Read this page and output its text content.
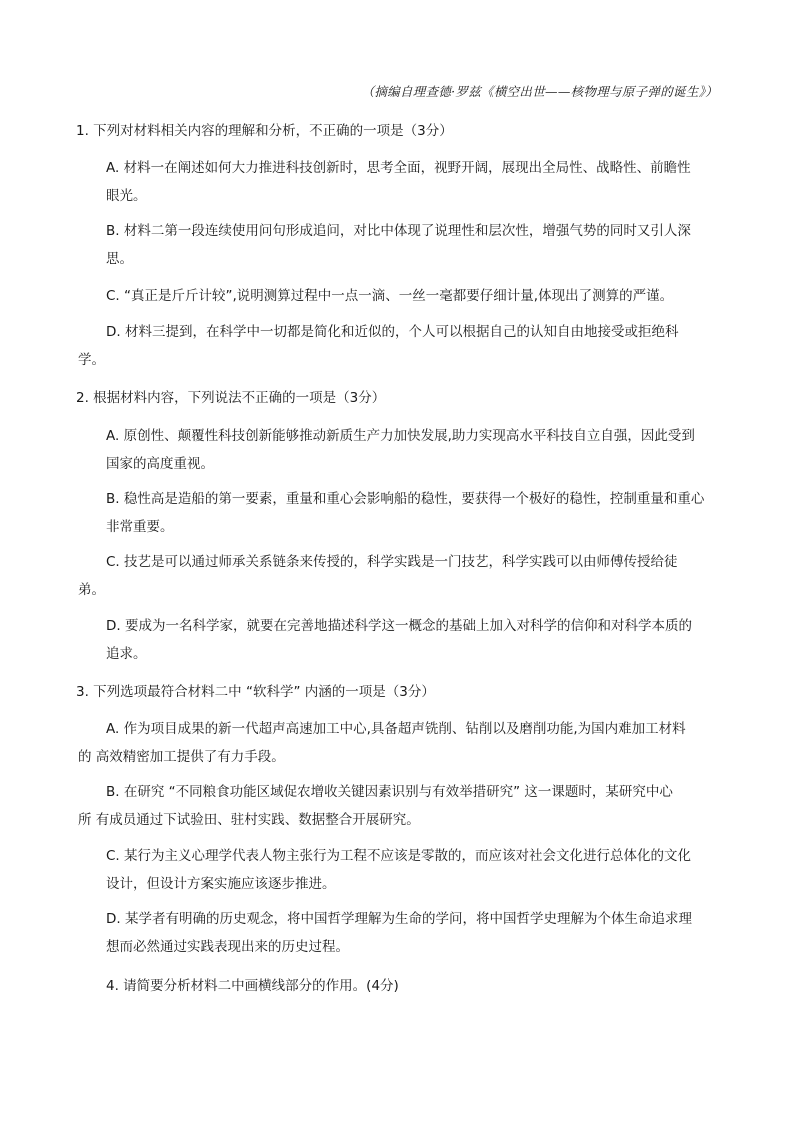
（摘编自理查德·罗兹《横空出世——核物理与原子弹的诞生》）
1. 下列对材料相关内容的理解和分析，不正确的一项是（3分）
A. 材料一在阐述如何大力推进科技创新时，思考全面，视野开阔，展现出全局性、战略性、前瞻性
眼光。
B. 材料二第一段连续使用问句形成追问，对比中体现了说理性和层次性，增强气势的同时又引人深
思。
C. “真正是斤斤计较”,说明测算过程中一点一滴、一丝一毫都要仔细计量,体现出了测算的严谨。
D. 材料三提到，在科学中一切都是简化和近似的，个人可以根据自己的认知自由地接受或拒绝科
学。
2. 根据材料内容，下列说法不正确的一项是（3分）
A. 原创性、颠覆性科技创新能够推动新质生产力加快发展,助力实现高水平科技自立自强，因此受到
国家的高度重视。
B. 稳性高是造船的第一要素，重量和重心会影响船的稳性，要获得一个极好的稳性，控制重量和重心
非常重要。
C. 技艺是可以通过师承关系链条来传授的，科学实践是一门技艺，科学实践可以由师傅传授给徒
弟。
D. 要成为一名科学家，就要在完善地描述科学这一概念的基础上加入对科学的信仰和对科学本质的
追求。
3. 下列选项最符合材料二中 “软科学” 内涵的一项是（3分）
A. 作为项目成果的新一代超声高速加工中心,具备超声铣削、钻削以及磨削功能,为国内难加工材料
的 高效精密加工提供了有力手段。
B. 在研究 “不同粮食功能区域促农增收关键因素识别与有效举措研究” 这一课题时，某研究中心
所 有成员通过下试验田、驻村实践、数据整合开展研究。
C. 某行为主义心理学代表人物主张行为工程不应该是零散的，而应该对社会文化进行总体化的文化
设计，但设计方案实施应该逐步推进。
D. 某学者有明确的历史观念，将中国哲学理解为生命的学问，将中国哲学史理解为个体生命追求理
想而必然通过实践表现出来的历史过程。
4. 请简要分析材料二中画横线部分的作用。(4分)
